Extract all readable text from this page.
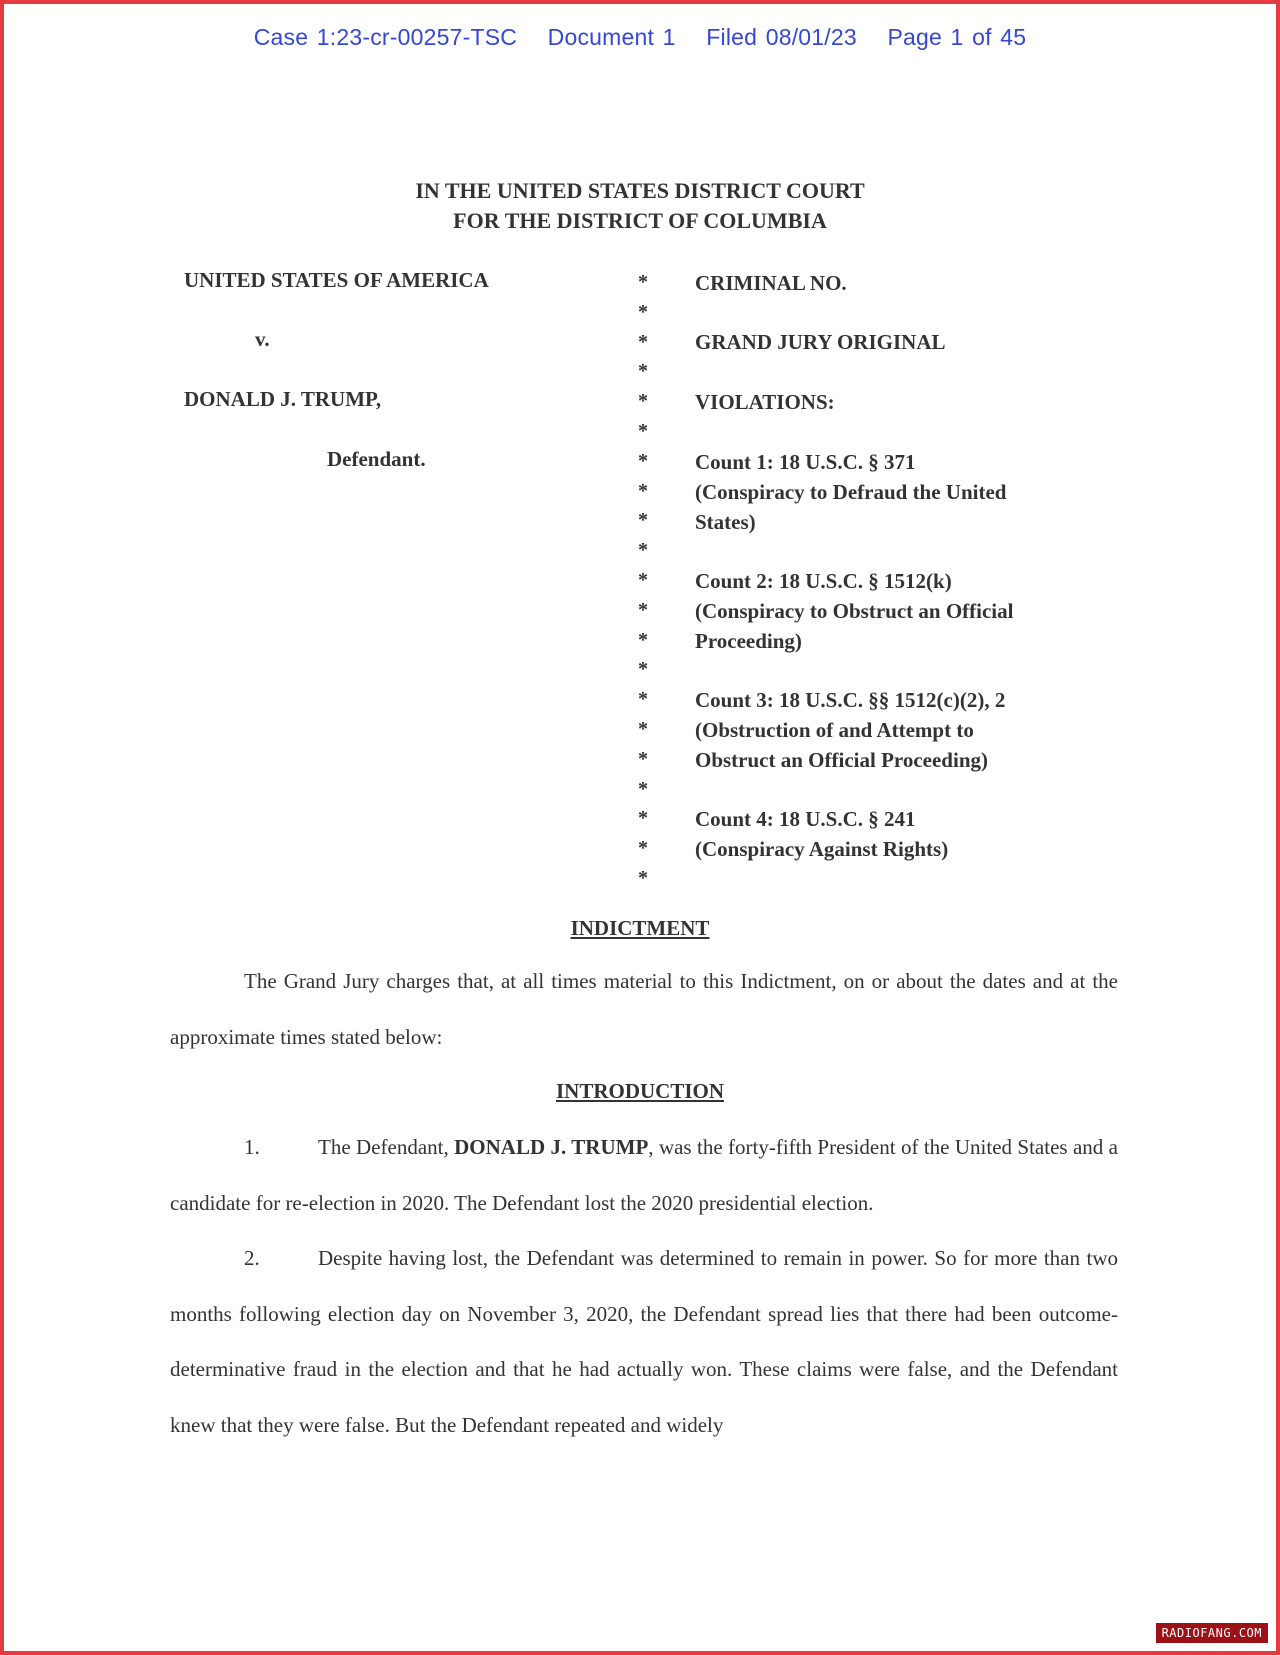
Case 1:23-cr-00257-TSC Document 1 Filed 08/01/23 Page 1 of 45
IN THE UNITED STATES DISTRICT COURT
FOR THE DISTRICT OF COLUMBIA
UNITED STATES OF AMERICA
v.
DONALD J. TRUMP,
Defendant.
*
*
*
*
*
*
*
*
*
*
*
*
*
*
*
*
*
*
*
*
*
CRIMINAL NO.
GRAND JURY ORIGINAL
VIOLATIONS:
Count 1: 18 U.S.C. § 371
(Conspiracy to Defraud the United
States)
Count 2: 18 U.S.C. § 1512(k)
(Conspiracy to Obstruct an Official
Proceeding)
Count 3: 18 U.S.C. §§ 1512(c)(2), 2
(Obstruction of and Attempt to
Obstruct an Official Proceeding)
Count 4: 18 U.S.C. § 241
(Conspiracy Against Rights)
INDICTMENT
The Grand Jury charges that, at all times material to this Indictment, on or about the dates and at the approximate times stated below:
INTRODUCTION
1.	The Defendant, DONALD J. TRUMP, was the forty-fifth President of the United States and a candidate for re-election in 2020. The Defendant lost the 2020 presidential election.
2.	Despite having lost, the Defendant was determined to remain in power. So for more than two months following election day on November 3, 2020, the Defendant spread lies that there had been outcome-determinative fraud in the election and that he had actually won. These claims were false, and the Defendant knew that they were false. But the Defendant repeated and widely
RADIOFANG.COM
